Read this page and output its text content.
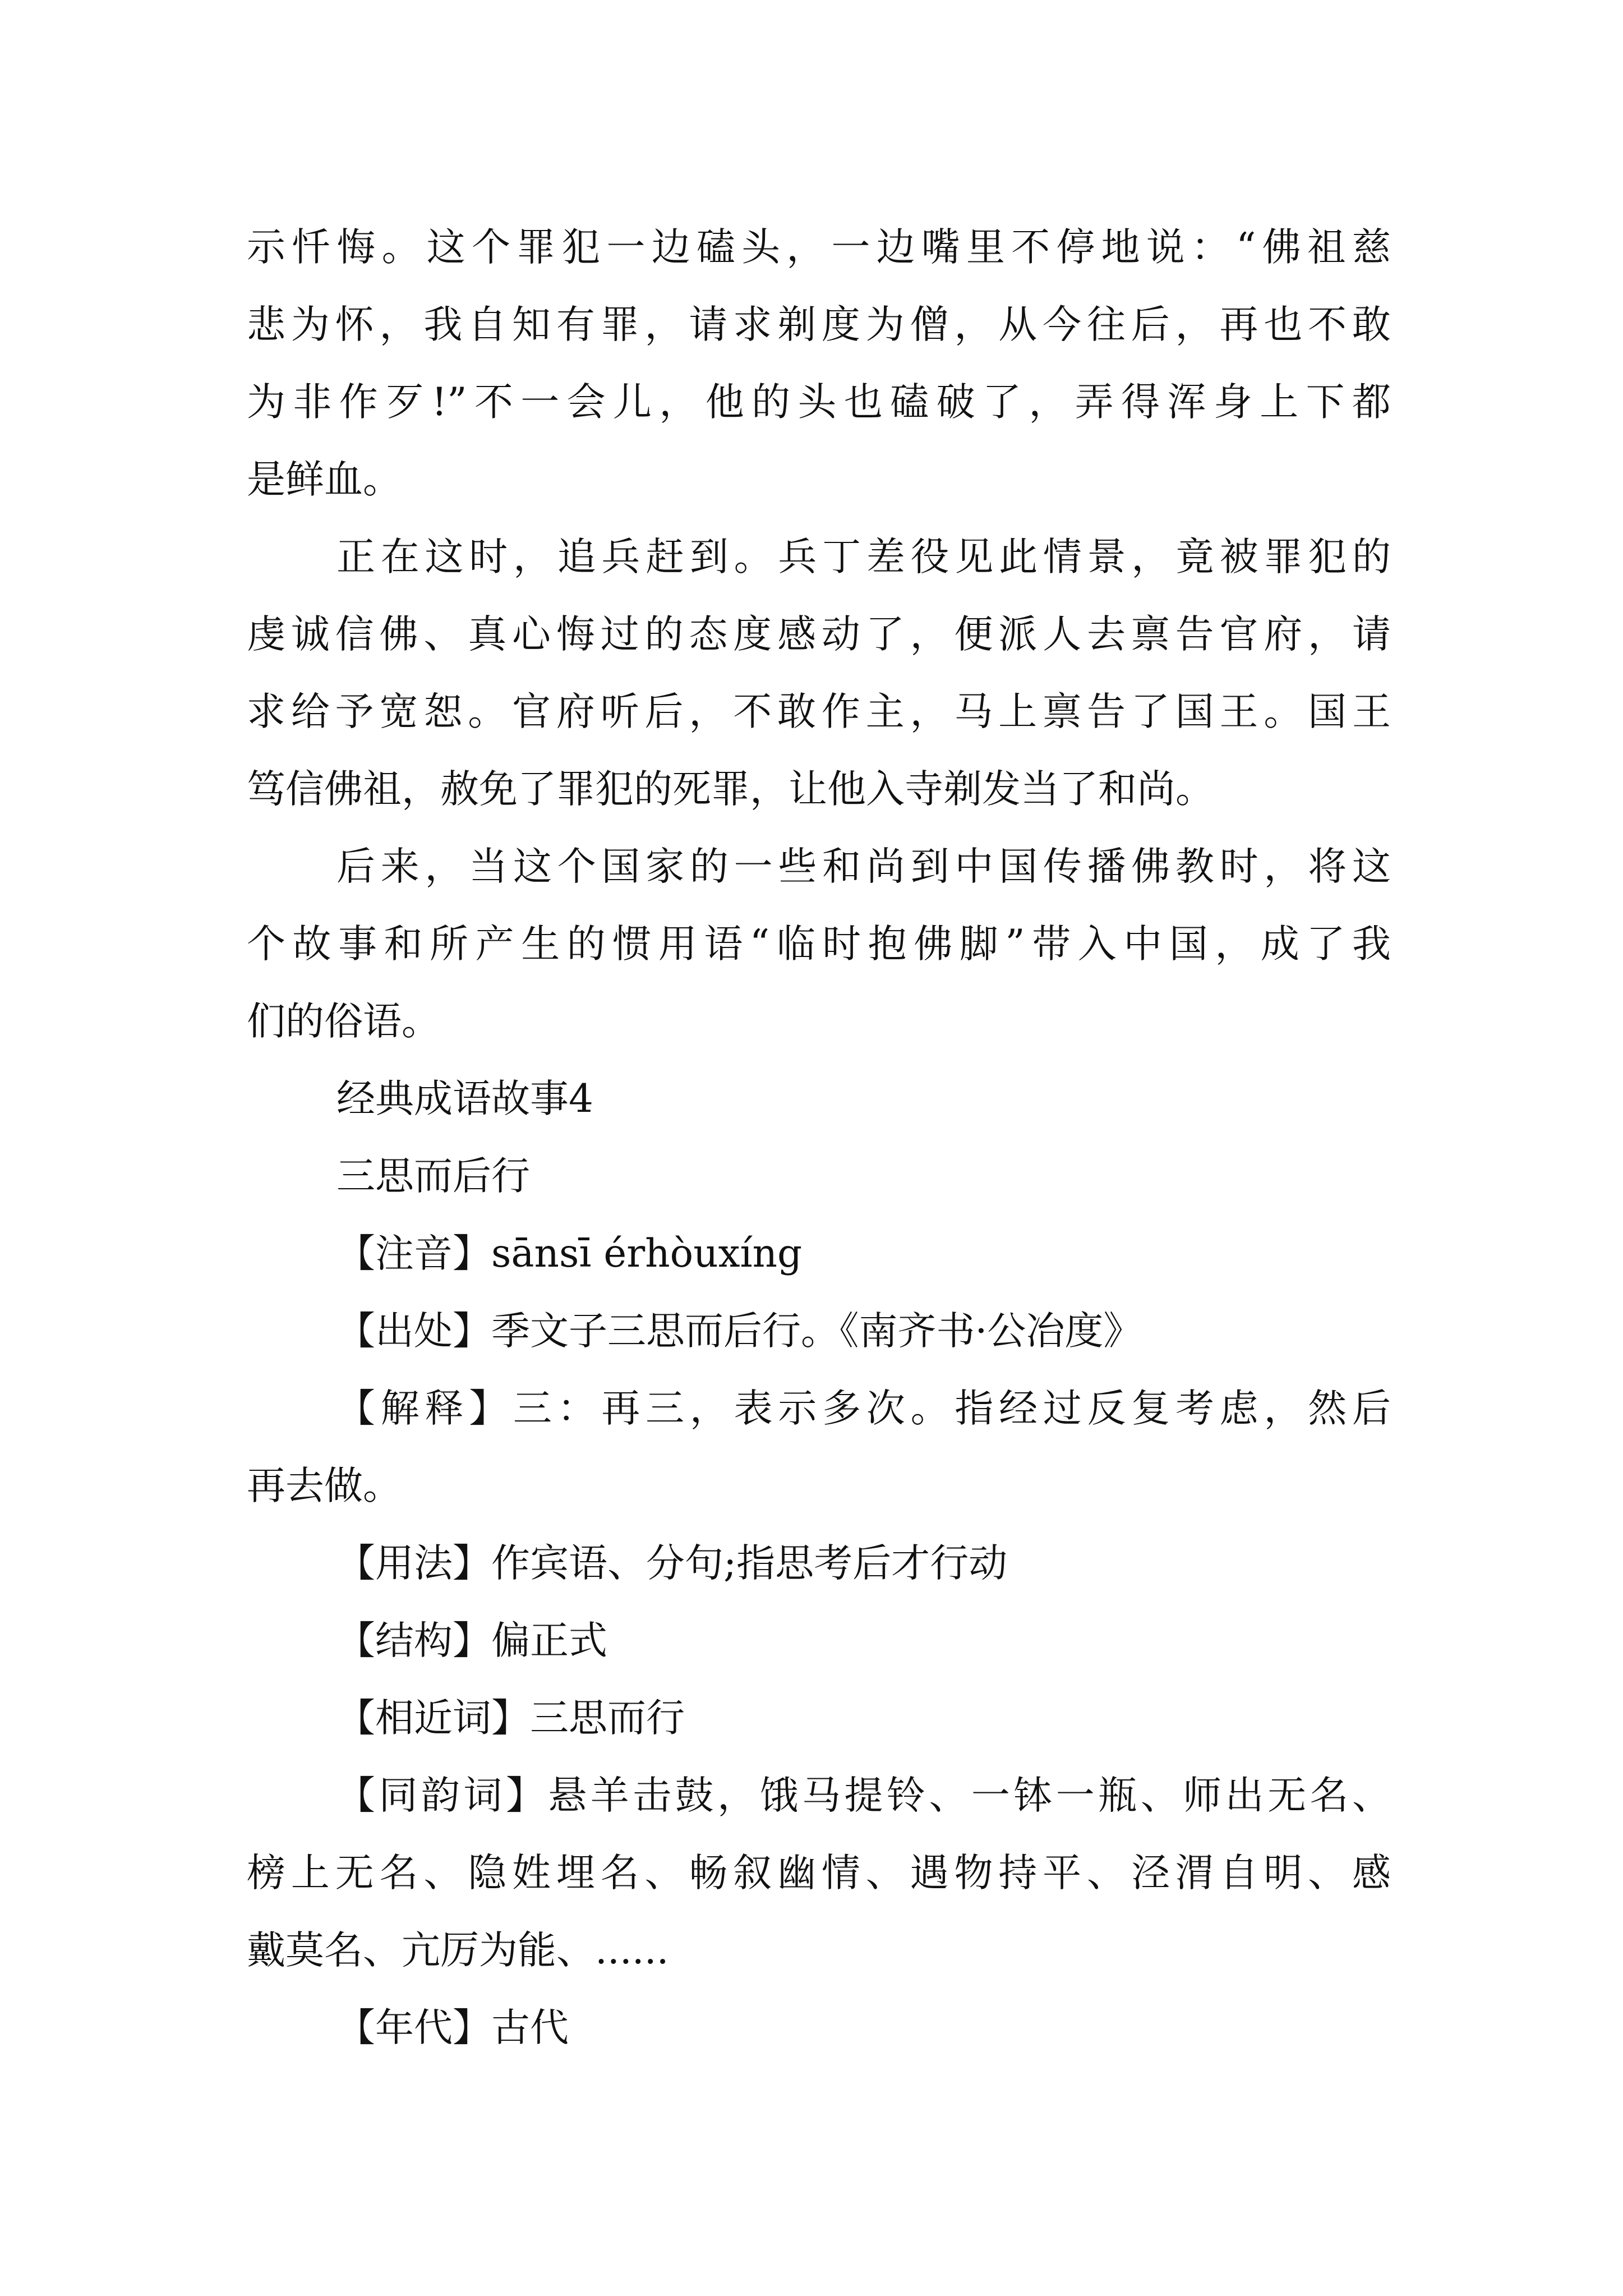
示忏悔。这个罪犯一边磕头，一边嘴里不停地说：“佛祖慈
悲为怀，我自知有罪，请求剃度为僧，从今往后，再也不敢
为非作歹!”不一会儿，他的头也磕破了，弄得浑身上下都
是鲜血。
正在这时，追兵赶到。兵丁差役见此情景，竟被罪犯的
虔诚信佛、真心悔过的态度感动了，便派人去禀告官府，请
求给予宽恕。官府听后，不敢作主，马上禀告了国王。国王
笃信佛祖，赦免了罪犯的死罪，让他入寺剃发当了和尚。
后来，当这个国家的一些和尚到中国传播佛教时，将这
个故事和所产生的惯用语“临时抱佛脚”带入中国，成了我
们的俗语。
经典成语故事4
三思而后行
【注音】sānsī érhòuxíng
【出处】季文子三思而后行。《南齐书·公冶度》
【解释】三：再三，表示多次。指经过反复考虑，然后
再去做。
【用法】作宾语、分句;指思考后才行动
【结构】偏正式
【相近词】三思而行
【同韵词】悬羊击鼓，饿马提铃、一钵一瓶、师出无名、
榜上无名、隐姓埋名、畅叙幽情、遇物持平、泾渭自明、感
戴莫名、亢厉为能、......
【年代】古代
